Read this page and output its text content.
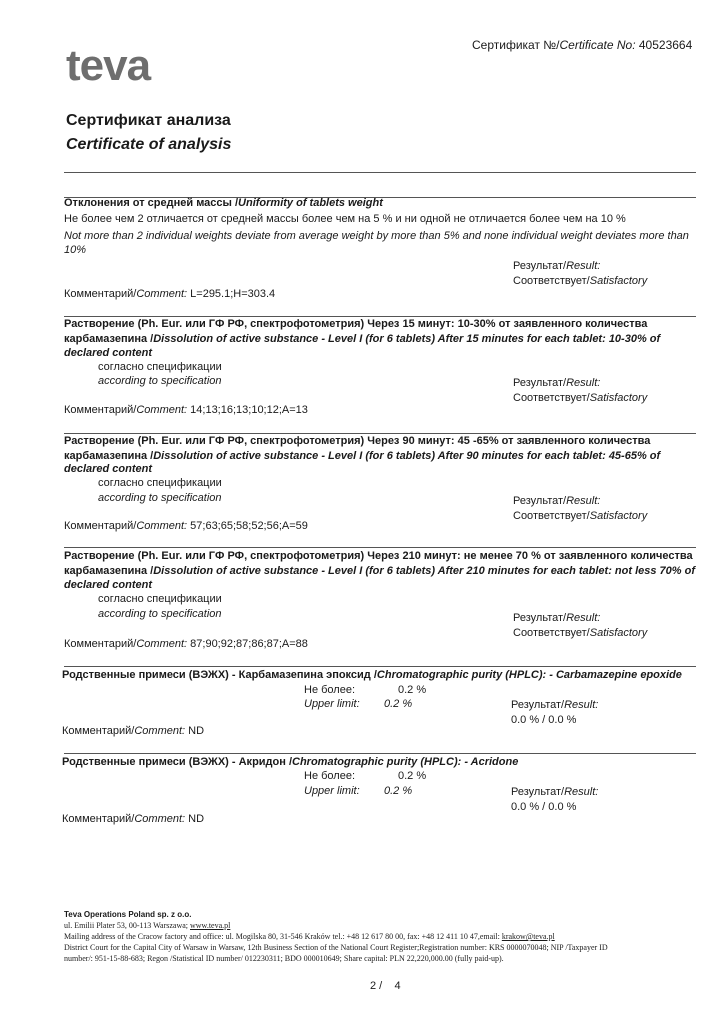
Сертификат №/Certificate No: 40523664
teva
Сертификат анализа
Certificate of analysis
Отклонения от средней массы /Uniformity of tablets weight
Не более чем 2 отличается от средней массы более чем на 5 % и ни одной не отличается более чем на 10 %
Not more than 2 individual weights deviate from average weight by more than 5% and none individual weight deviates more than
10%
Результат/Result:
Соответствует/Satisfactory
Комментарий/Comment: L=295.1;H=303.4
Растворение (Ph. Eur. или ГФ РФ, спектрофотометрия) Через 15 минут: 10-30% от заявленного количества
карбамазепина /Dissolution of active substance - Level I (for 6 tablets) After 15 minutes for each tablet: 10-30% of
declared content
согласно спецификации
according to specification	Результат/Result:
Соответствует/Satisfactory
Комментарий/Comment: 14;13;16;13;10;12;A=13
Растворение (Ph. Eur. или ГФ РФ, спектрофотометрия) Через 90 минут: 45 -65% от заявленного количества
карбамазепина /Dissolution of active substance - Level I (for 6 tablets) After 90 minutes for each tablet: 45-65% of
declared content
согласно спецификации
according to specification	Результат/Result:
Соответствует/Satisfactory
Комментарий/Comment: 57;63;65;58;52;56;A=59
Растворение (Ph. Eur. или ГФ РФ, спектрофотометрия) Через 210 минут: не менее 70 % от заявленного количества
карбамазепина /Dissolution of active substance - Level I (for 6 tablets) After 210 minutes for each tablet: not less 70% of
declared content
согласно спецификации
according to specification	Результат/Result:
Соответствует/Satisfactory
Комментарий/Comment: 87;90;92;87;86;87;A=88
Родственные примеси (ВЭЖХ) - Карбамазепина эпоксид /Chromatographic purity (HPLC): - Carbamazepine epoxide
Не более:	0.2 %
Upper limit: 0.2 %	Результат/Result:
0.0 % / 0.0 %
Комментарий/Comment: ND
Родственные примеси (ВЭЖХ) - Акридон /Chromatographic purity (HPLC): - Acridone
Не более:	0.2 %
Upper limit: 0.2 %	Результат/Result:
0.0 % / 0.0 %
Комментарий/Comment: ND
Teva Operations Poland sp. z o.o.
ul. Emilii Plater 53, 00-113 Warszawa; www.teva.pl
Mailing address of the Cracow factory and office: ul. Mogilska 80, 31-546 Kraków tel.: +48 12 617 80 00, fax: +48 12 411 10 47,email: krakow@teva.pl
District Court for the Capital City of Warsaw in Warsaw, 12th Business Section of the National Court Register;Registration number: KRS 0000070048; NIP /Taxpayer ID
number/: 951-15-88-683; Regon /Statistical ID number/ 012230311; BDO 000010649; Share capital: PLN 22,220,000.00 (fully paid-up).
2 /    4
